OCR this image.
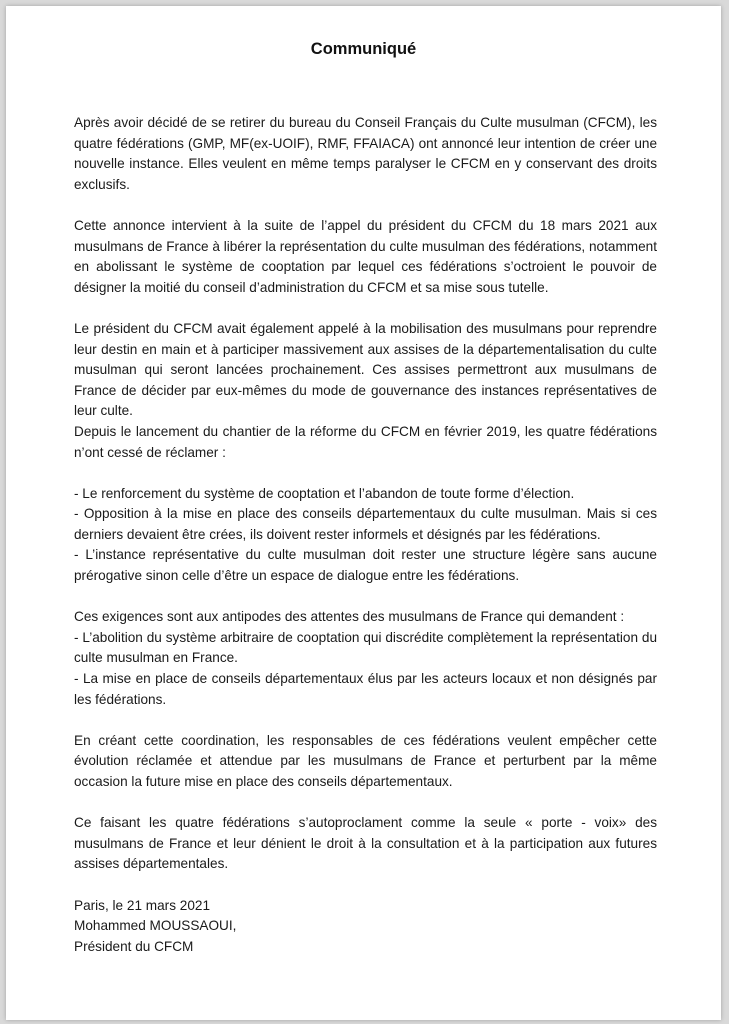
Communiqué

Après avoir décidé de se retirer du bureau du Conseil Français du Culte musulman (CFCM), les quatre fédérations (GMP, MF(ex-UOIF), RMF, FFAIACA) ont annoncé leur intention de créer une nouvelle instance. Elles veulent en même temps paralyser le CFCM en y conservant des droits exclusifs.

Cette annonce intervient à la suite de l’appel du président du CFCM du 18 mars 2021 aux musulmans de France à libérer la représentation du culte musulman des fédérations, notamment en abolissant le système de cooptation par lequel ces fédérations s’octroient le pouvoir de désigner la moitié du conseil d’administration du CFCM et sa mise sous tutelle.

Le président du CFCM avait également appelé à la mobilisation des musulmans pour reprendre leur destin en main et à participer massivement aux assises de la départementalisation du culte musulman qui seront lancées prochainement. Ces assises permettront aux musulmans de France de décider par eux-mêmes du mode de gouvernance des instances représentatives de leur culte.

Depuis le lancement du chantier de la réforme du CFCM en février 2019, les quatre fédérations n’ont cessé de réclamer :

- Le renforcement du système de cooptation et l’abandon de toute forme d’élection.

- Opposition à la mise en place des conseils départementaux du culte musulman. Mais si ces derniers devaient être crées, ils doivent rester informels et désignés par les fédérations.

- L’instance représentative du culte musulman doit rester une structure légère sans aucune prérogative sinon celle d’être un espace de dialogue entre les fédérations.

Ces exigences sont aux antipodes des attentes des musulmans de France qui demandent :

- L’abolition du système arbitraire de cooptation qui discrédite complètement la représentation du culte musulman en France.

- La mise en place de conseils départementaux élus par les acteurs locaux et non désignés par les fédérations.

En créant cette coordination, les responsables de ces fédérations veulent empêcher cette évolution réclamée et attendue par les musulmans de France et perturbent par la même occasion la future mise en place des conseils départementaux.

Ce faisant les quatre fédérations s’autoproclament comme la seule « porte - voix» des musulmans de France et leur dénient le droit à la consultation et à la participation aux futures assises départementales.

Paris, le 21 mars 2021

Mohammed MOUSSAOUI,

Président du CFCM
